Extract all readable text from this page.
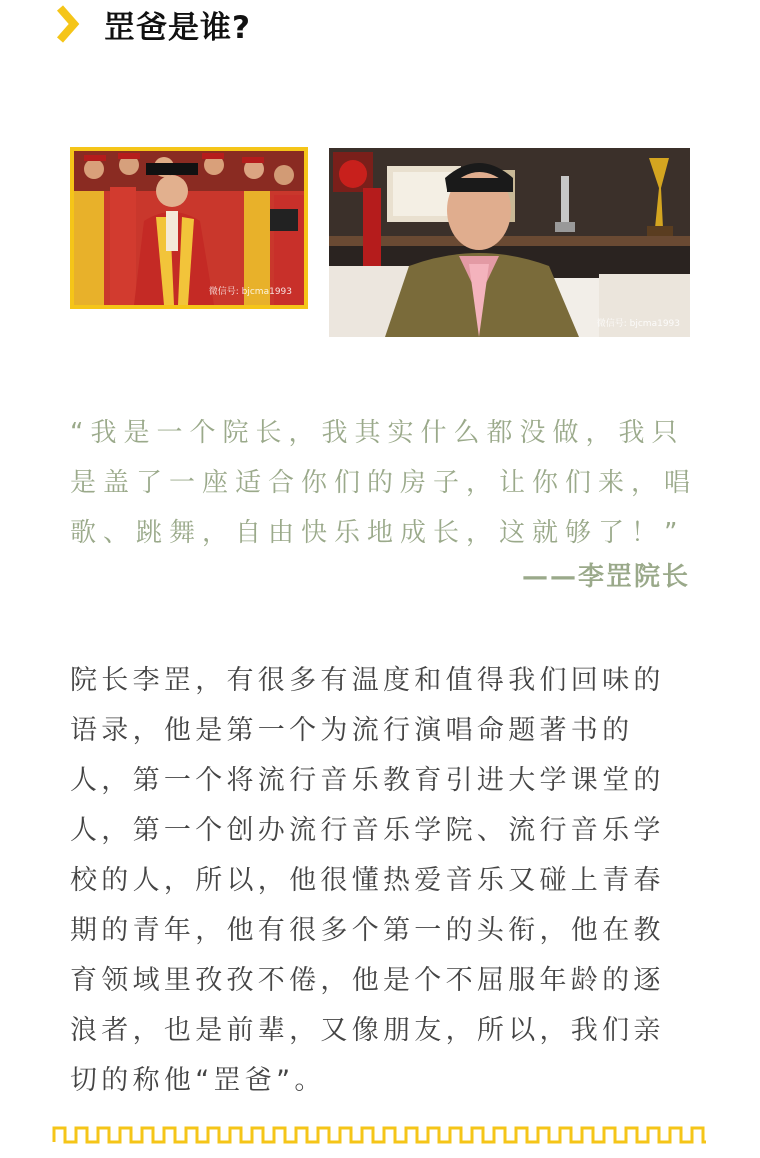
罡爸是谁?
微信号: bjcma1993
微信号: bjcma1993

“我是一个院长，我其实什么都没做，我只
是盖了一座适合你们的房子，让你们来，唱
歌、跳舞，自由快乐地成长，这就够了！”

——李罡院长

院长李罡，有很多有温度和值得我们回味的
语录，他是第一个为流行演唱命题著书的
人，第一个将流行音乐教育引进大学课堂的
人，第一个创办流行音乐学院、流行音乐学
校的人，所以，他很懂热爱音乐又碰上青春
期的青年，他有很多个第一的头衔，他在教
育领域里孜孜不倦，他是个不屈服年龄的逐
浪者，也是前辈，又像朋友，所以，我们亲
切的称他“罡爸”。
